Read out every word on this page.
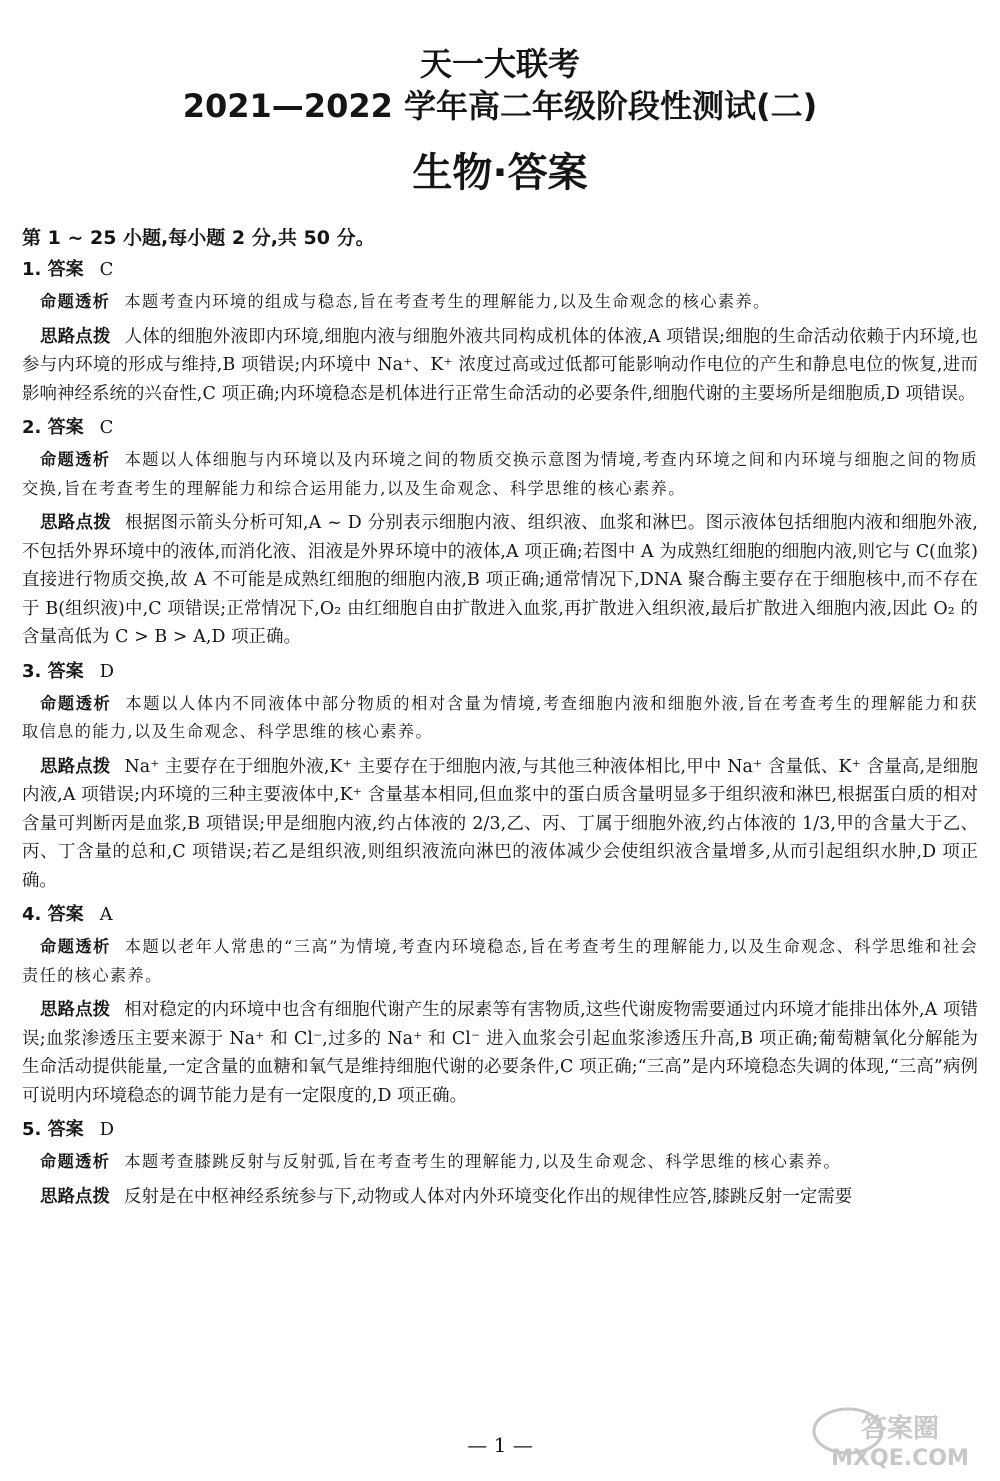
天一大联考
2021—2022 学年高二年级阶段性测试(二)
生物·答案
第 1 ~ 25 小题,每小题 2 分,共 50 分。
1. 答案 C

命题透析 本题考查内环境的组成与稳态,旨在考查考生的理解能力,以及生命观念的核心素养。

思路点拨 人体的细胞外液即内环境,细胞内液与细胞外液共同构成机体的体液,A 项错误;细胞的生命活动依赖于内环境,也参与内环境的形成与维持,B 项错误;内环境中 Na⁺、K⁺ 浓度过高或过低都可能影响动作电位的产生和静息电位的恢复,进而影响神经系统的兴奋性,C 项正确;内环境稳态是机体进行正常生命活动的必要条件,细胞代谢的主要场所是细胞质,D 项错误。

2. 答案 C

命题透析 本题以人体细胞与内环境以及内环境之间的物质交换示意图为情境,考查内环境之间和内环境与细胞之间的物质交换,旨在考查考生的理解能力和综合运用能力,以及生命观念、科学思维的核心素养。

思路点拨 根据图示箭头分析可知,A ~ D 分别表示细胞内液、组织液、血浆和淋巴。图示液体包括细胞内液和细胞外液,不包括外界环境中的液体,而消化液、泪液是外界环境中的液体,A 项正确;若图中 A 为成熟红细胞的细胞内液,则它与 C(血浆)直接进行物质交换,故 A 不可能是成熟红细胞的细胞内液,B 项正确;通常情况下,DNA 聚合酶主要存在于细胞核中,而不存在于 B(组织液)中,C 项错误;正常情况下,O₂ 由红细胞自由扩散进入血浆,再扩散进入组织液,最后扩散进入细胞内液,因此 O₂ 的含量高低为 C > B > A,D 项正确。

3. 答案 D

命题透析 本题以人体内不同液体中部分物质的相对含量为情境,考查细胞内液和细胞外液,旨在考查考生的理解能力和获取信息的能力,以及生命观念、科学思维的核心素养。

思路点拨 Na⁺ 主要存在于细胞外液,K⁺ 主要存在于细胞内液,与其他三种液体相比,甲中 Na⁺ 含量低、K⁺ 含量高,是细胞内液,A 项错误;内环境的三种主要液体中,K⁺ 含量基本相同,但血浆中的蛋白质含量明显多于组织液和淋巴,根据蛋白质的相对含量可判断丙是血浆,B 项错误;甲是细胞内液,约占体液的 2/3,乙、丙、丁属于细胞外液,约占体液的 1/3,甲的含量大于乙、丙、丁含量的总和,C 项错误;若乙是组织液,则组织液流向淋巴的液体减少会使组织液含量增多,从而引起组织水肿,D 项正确。

4. 答案 A

命题透析 本题以老年人常患的“三高”为情境,考查内环境稳态,旨在考查考生的理解能力,以及生命观念、科学思维和社会责任的核心素养。

思路点拨 相对稳定的内环境中也含有细胞代谢产生的尿素等有害物质,这些代谢废物需要通过内环境才能排出体外,A 项错误;血浆渗透压主要来源于 Na⁺ 和 Cl⁻,过多的 Na⁺ 和 Cl⁻ 进入血浆会引起血浆渗透压升高,B 项正确;葡萄糖氧化分解能为生命活动提供能量,一定含量的血糖和氧气是维持细胞代谢的必要条件,C 项正确;“三高”是内环境稳态失调的体现,“三高”病例可说明内环境稳态的调节能力是有一定限度的,D 项正确。

5. 答案 D

命题透析 本题考查膝跳反射与反射弧,旨在考查考生的理解能力,以及生命观念、科学思维的核心素养。

思路点拨 反射是在中枢神经系统参与下,动物或人体对内外环境变化作出的规律性应答,膝跳反射一定需要

— 1 —
答案圈
MXQE.COM
